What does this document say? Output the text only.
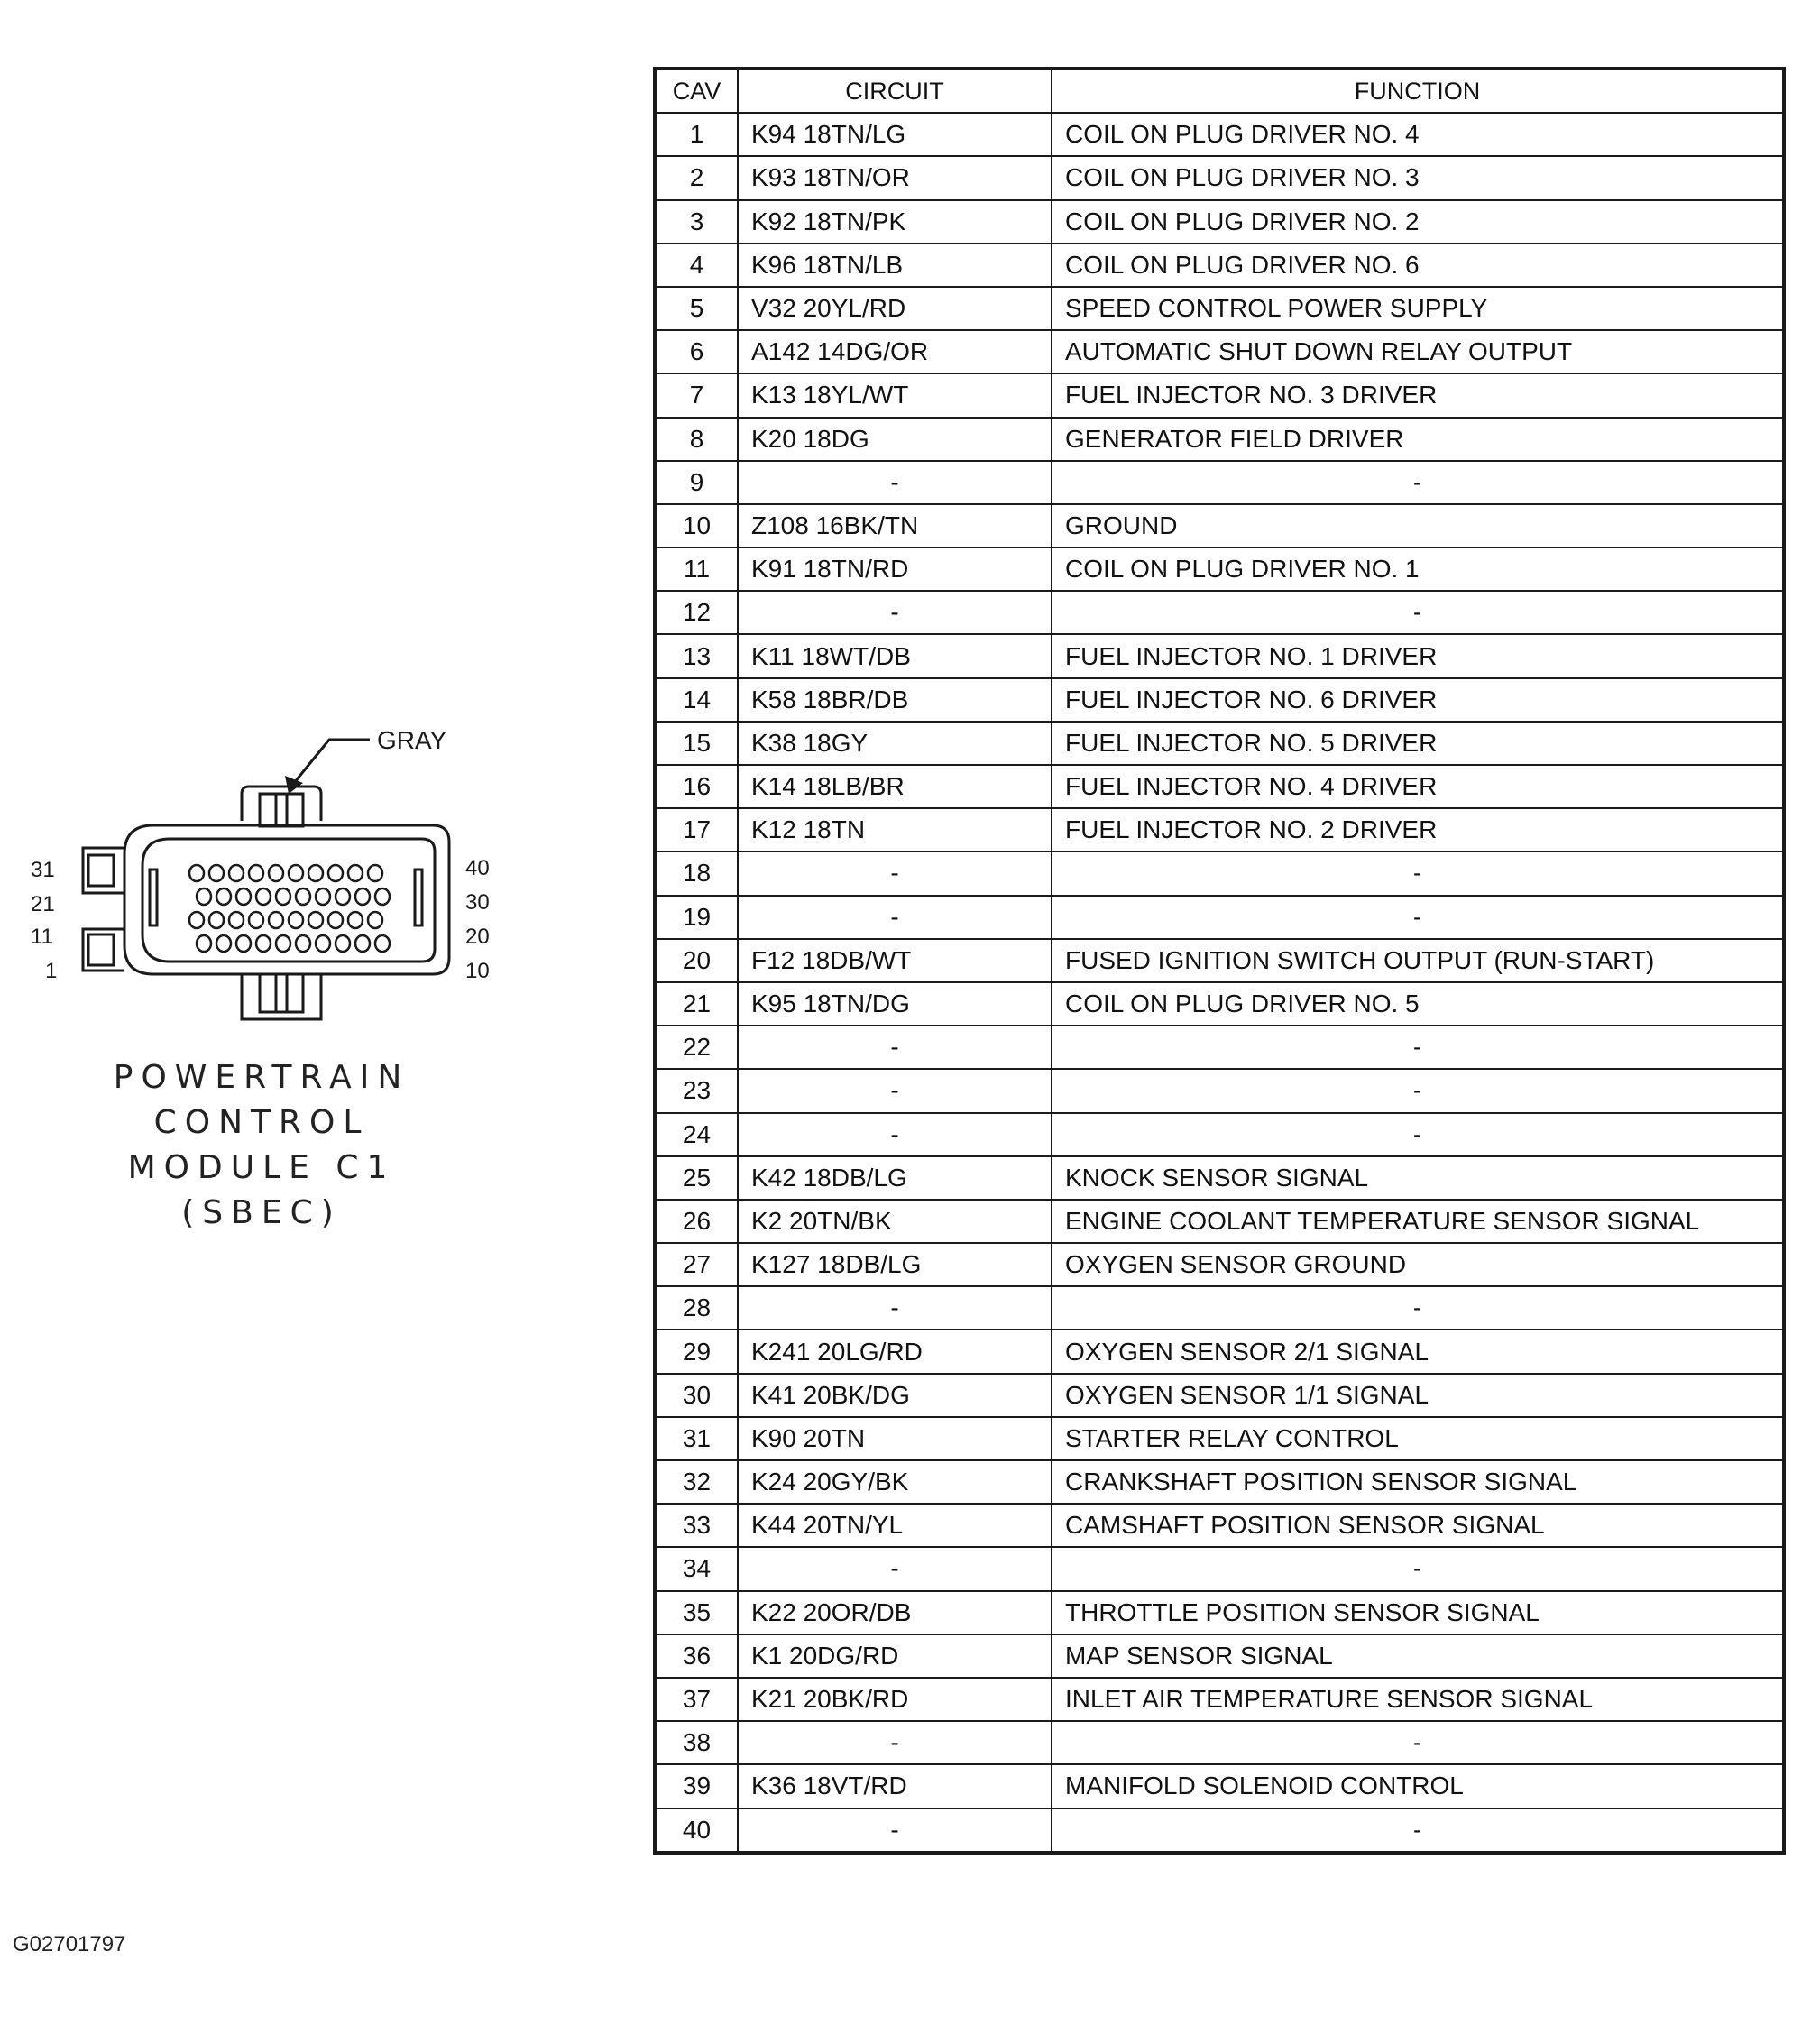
GRAY
31
21
11
1
40
30
20
10
POWERTRAIN
CONTROL
MODULE C1
(SBEC)
CAV	CIRCUIT	FUNCTION
1	K94 18TN/LG	COIL ON PLUG DRIVER NO. 4
2	K93 18TN/OR	COIL ON PLUG DRIVER NO. 3
3	K92 18TN/PK	COIL ON PLUG DRIVER NO. 2
4	K96 18TN/LB	COIL ON PLUG DRIVER NO. 6
5	V32 20YL/RD	SPEED CONTROL POWER SUPPLY
6	A142 14DG/OR	AUTOMATIC SHUT DOWN RELAY OUTPUT
7	K13 18YL/WT	FUEL INJECTOR NO. 3 DRIVER
8	K20 18DG	GENERATOR FIELD DRIVER
9	-	-
10	Z108 16BK/TN	GROUND
11	K91 18TN/RD	COIL ON PLUG DRIVER NO. 1
12	-	-
13	K11 18WT/DB	FUEL INJECTOR NO. 1 DRIVER
14	K58 18BR/DB	FUEL INJECTOR NO. 6 DRIVER
15	K38 18GY	FUEL INJECTOR NO. 5 DRIVER
16	K14 18LB/BR	FUEL INJECTOR NO. 4 DRIVER
17	K12 18TN	FUEL INJECTOR NO. 2 DRIVER
18	-	-
19	-	-
20	F12 18DB/WT	FUSED IGNITION SWITCH OUTPUT (RUN-START)
21	K95 18TN/DG	COIL ON PLUG DRIVER NO. 5
22	-	-
23	-	-
24	-	-
25	K42 18DB/LG	KNOCK SENSOR SIGNAL
26	K2 20TN/BK	ENGINE COOLANT TEMPERATURE SENSOR SIGNAL
27	K127 18DB/LG	OXYGEN SENSOR GROUND
28	-	-
29	K241 20LG/RD	OXYGEN SENSOR 2/1 SIGNAL
30	K41 20BK/DG	OXYGEN SENSOR 1/1 SIGNAL
31	K90 20TN	STARTER RELAY CONTROL
32	K24 20GY/BK	CRANKSHAFT POSITION SENSOR SIGNAL
33	K44 20TN/YL	CAMSHAFT POSITION SENSOR SIGNAL
34	-	-
35	K22 20OR/DB	THROTTLE POSITION SENSOR SIGNAL
36	K1 20DG/RD	MAP SENSOR SIGNAL
37	K21 20BK/RD	INLET AIR TEMPERATURE SENSOR SIGNAL
38	-	-
39	K36 18VT/RD	MANIFOLD SOLENOID CONTROL
40	-	-
G02701797
